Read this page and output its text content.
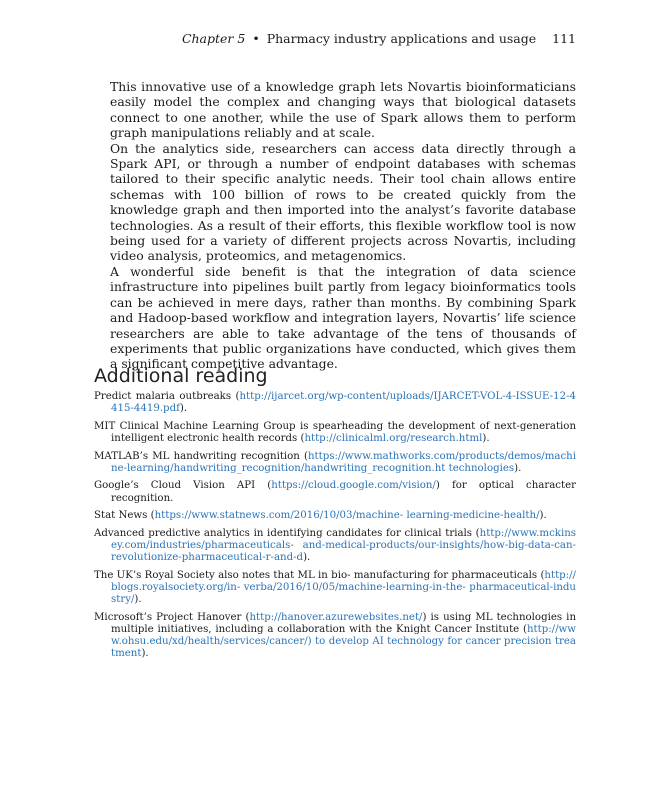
Chapter 5 • Pharmacy industry applications and usage 111

This innovative use of a knowledge graph lets Novartis bioinformaticians easily model the complex and changing ways that biological datasets connect to one another, while the use of Spark allows them to perform graph manipulations reliably and at scale.

On the analytics side, researchers can access data directly through a Spark API, or through a number of endpoint databases with schemas tailored to their specific analytic needs. Their tool chain allows entire schemas with 100 billion of rows to be created quickly from the knowledge graph and then imported into the analyst’s favorite database technologies. As a result of their efforts, this flexible workflow tool is now being used for a variety of different projects across Novartis, including video analysis, proteomics, and metagenomics.

A wonderful side benefit is that the integration of data science infrastructure into pipelines built partly from legacy bioinformatics tools can be achieved in mere days, rather than months. By combining Spark and Hadoop-based workflow and integration layers, Novartis’ life science researchers are able to take advantage of the tens of thousands of experiments that public organizations have conducted, which gives them a significant competitive advantage.

Additional reading
Predict malaria outbreaks (http://ijarcet.org/wp-content/uploads/IJARCET-VOL-4-ISSUE-12-4415-4419.pdf).
MIT Clinical Machine Learning Group is spearheading the development of next-generation intelligent electronic health records (http://clinicalml.org/research.html).
MATLAB’s ML handwriting recognition (https://www.mathworks.com/products/demos/machine-learning/handwriting_recognition/handwriting_recognition.ht technologies).
Google’s Cloud Vision API (https://cloud.google.com/vision/) for optical character recognition.
Stat News (https://www.statnews.com/2016/10/03/machine- learning-medicine-health/).
Advanced predictive analytics in identifying candidates for clinical trials (http://www.mckinsey.com/industries/pharmaceuticals- and-medical-products/our-insights/how-big-data-can- revolutionize-pharmaceutical-r-and-d).
The UK’s Royal Society also notes that ML in bio- manufacturing for pharmaceuticals (http://blogs.royalsociety.org/in- verba/2016/10/05/machine-learning-in-the- pharmaceutical-industry/).
Microsoft’s Project Hanover (http://hanover.azurewebsites.net/) is using ML technologies in multiple initiatives, including a collaboration with the Knight Cancer Institute (http://www.ohsu.edu/xd/health/services/cancer/) to develop AI technology for cancer precision treatment).
